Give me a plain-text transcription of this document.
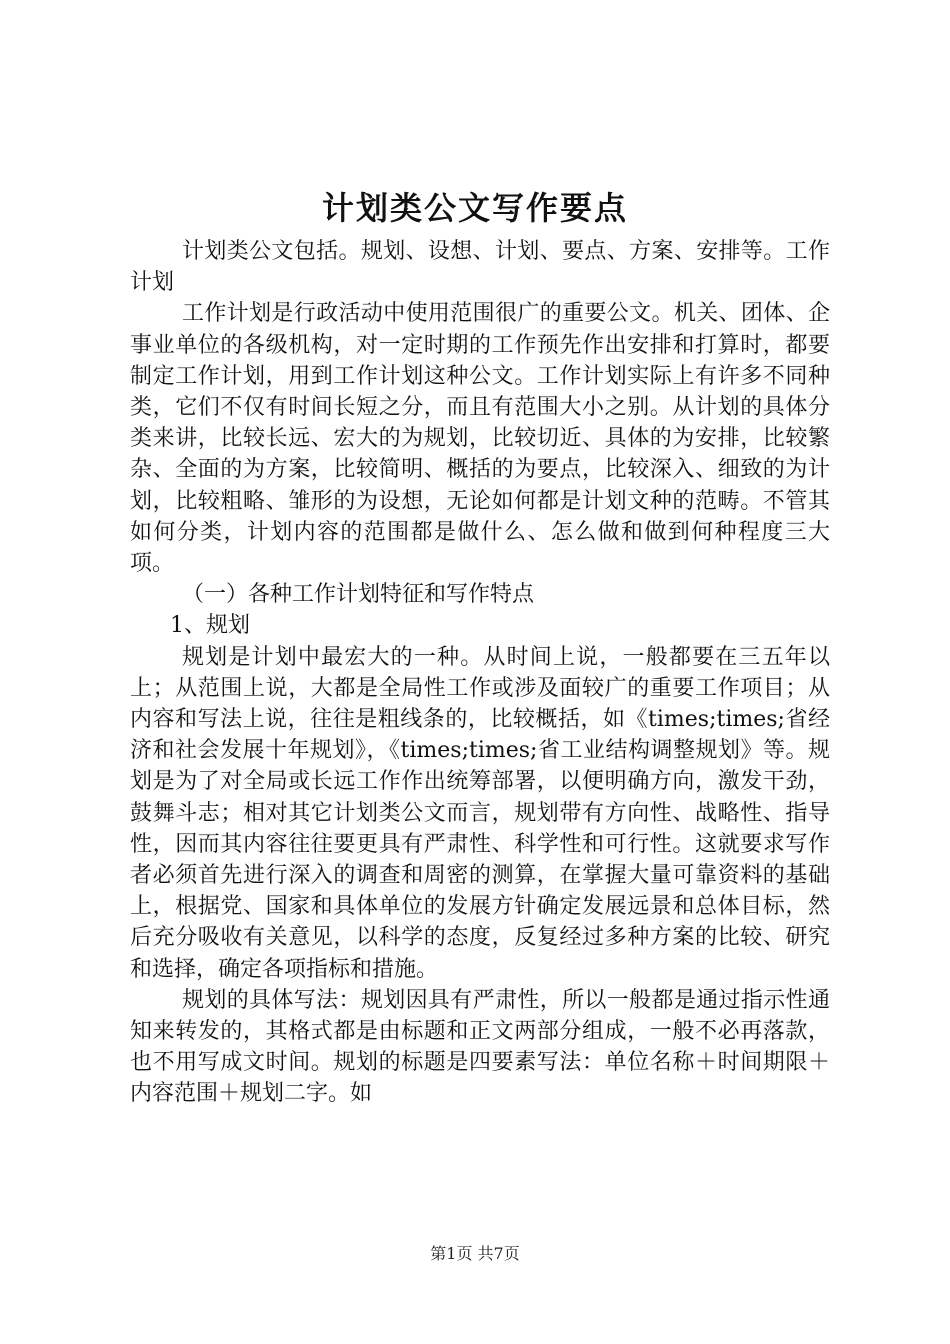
计划类公文写作要点

计划类公文包括。规划、设想、计划、要点、方案、安排等。工作计划

工作计划是行政活动中使用范围很广的重要公文。机关、团体、企事业单位的各级机构，对一定时期的工作预先作出安排和打算时，都要制定工作计划，用到工作计划这种公文。工作计划实际上有许多不同种类，它们不仅有时间长短之分，而且有范围大小之别。从计划的具体分类来讲，比较长远、宏大的为规划，比较切近、具体的为安排，比较繁杂、全面的为方案，比较简明、概括的为要点，比较深入、细致的为计划，比较粗略、雏形的为设想，无论如何都是计划文种的范畴。不管其如何分类，计划内容的范围都是做什么、怎么做和做到何种程度三大项。

（一）各种工作计划特征和写作特点

1、规划

规划是计划中最宏大的一种。从时间上说，一般都要在三五年以上；从范围上说，大都是全局性工作或涉及面较广的重要工作项目；从内容和写法上说，往往是粗线条的，比较概括，如《times;times;省经济和社会发展十年规划》，《times;times;省工业结构调整规划》等。规划是为了对全局或长远工作作出统筹部署，以便明确方向，激发干劲，鼓舞斗志；相对其它计划类公文而言，规划带有方向性、战略性、指导性，因而其内容往往要更具有严肃性、科学性和可行性。这就要求写作者必须首先进行深入的调查和周密的测算，在掌握大量可靠资料的基础上，根据党、国家和具体单位的发展方针确定发展远景和总体目标，然后充分吸收有关意见，以科学的态度，反复经过多种方案的比较、研究和选择，确定各项指标和措施。

规划的具体写法：规划因具有严肃性，所以一般都是通过指示性通知来转发的，其格式都是由标题和正文两部分组成，一般不必再落款，也不用写成文时间。规划的标题是四要素写法：单位名称＋时间期限＋内容范围＋规划二字。如

第1页 共7页
